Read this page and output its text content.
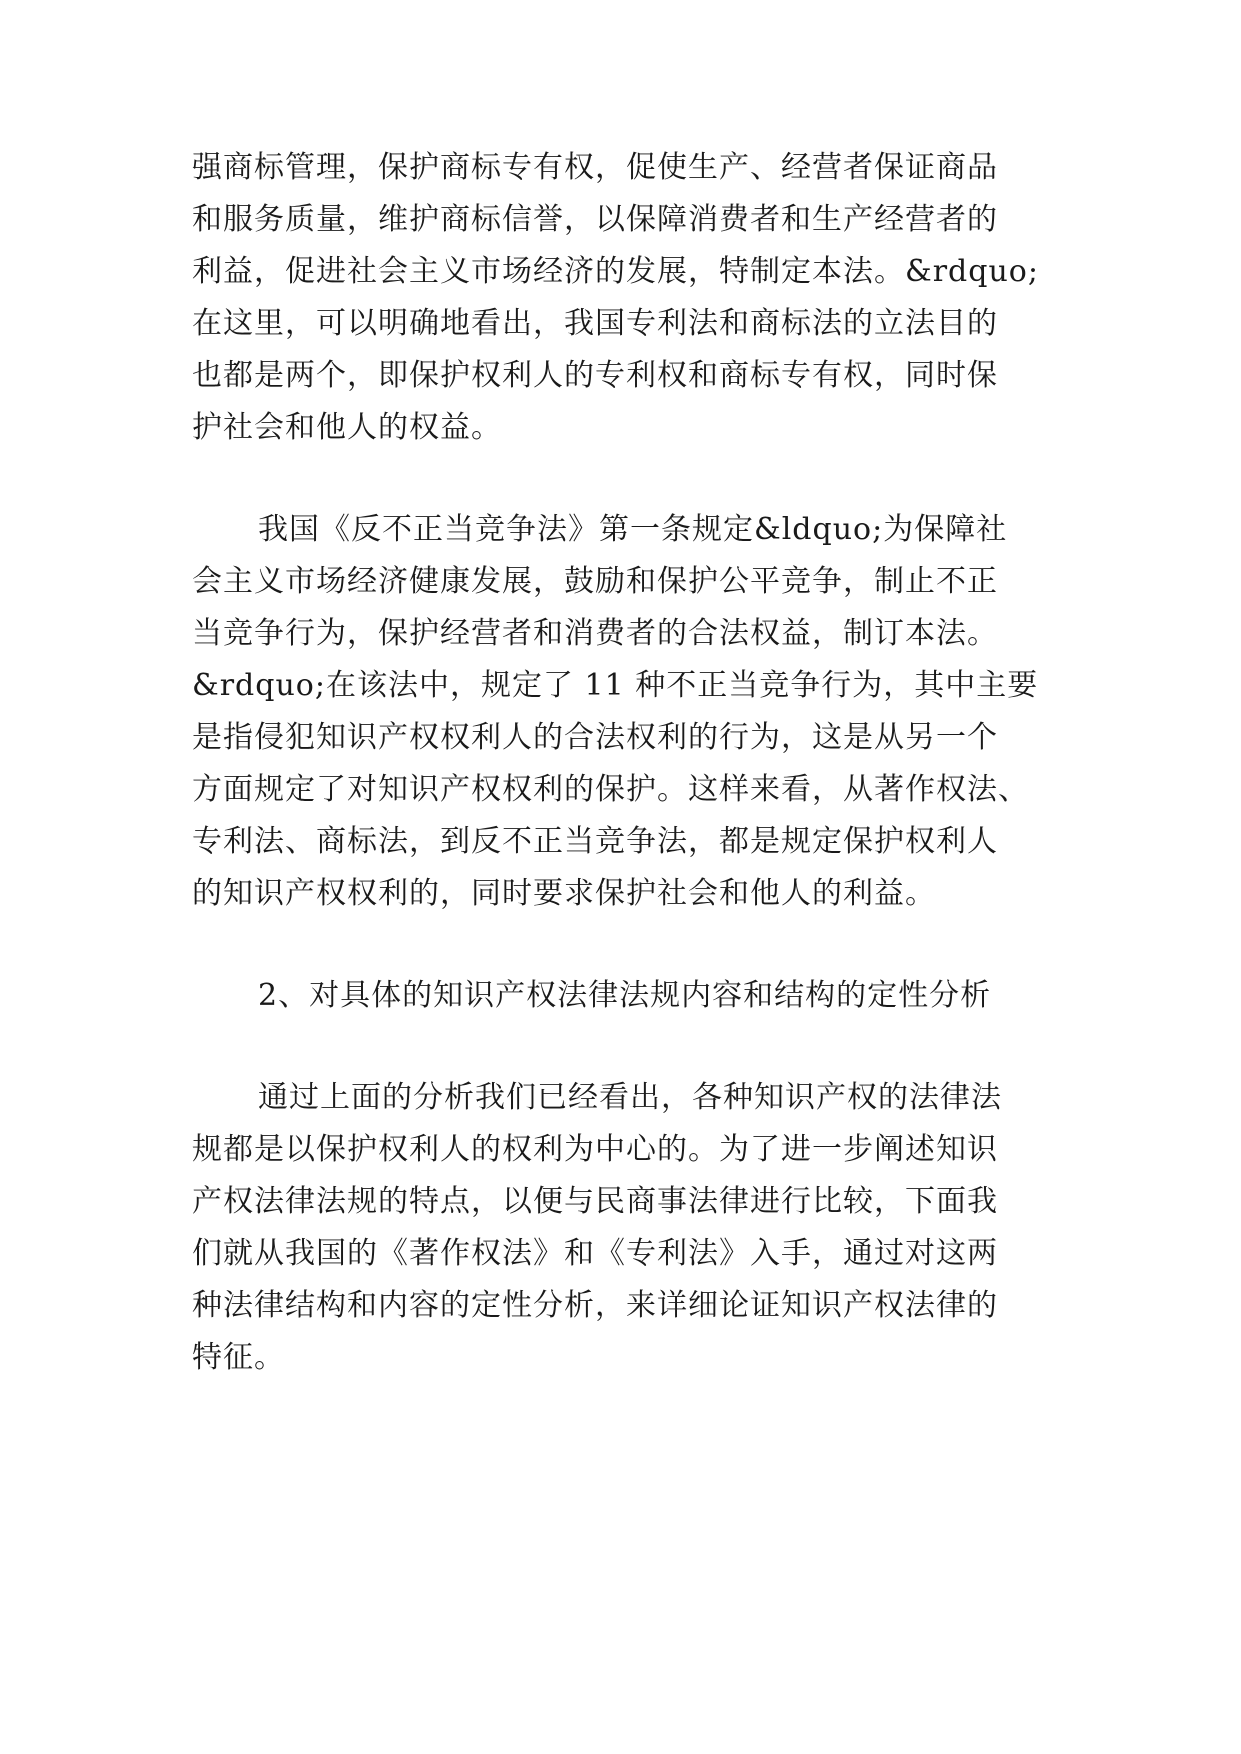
强商标管理，保护商标专有权，促使生产、经营者保证商品
和服务质量，维护商标信誉，以保障消费者和生产经营者的
利益，促进社会主义市场经济的发展，特制定本法。&rdquo;
在这里，可以明确地看出，我国专利法和商标法的立法目的
也都是两个，即保护权利人的专利权和商标专有权，同时保
护社会和他人的权益。
我国《反不正当竞争法》第一条规定&ldquo;为保障社
会主义市场经济健康发展，鼓励和保护公平竞争，制止不正
当竞争行为，保护经营者和消费者的合法权益，制订本法。
&rdquo;在该法中，规定了 11 种不正当竞争行为，其中主要
是指侵犯知识产权权利人的合法权利的行为，这是从另一个
方面规定了对知识产权权利的保护。这样来看，从著作权法、
专利法、商标法，到反不正当竞争法，都是规定保护权利人
的知识产权权利的，同时要求保护社会和他人的利益。
2、对具体的知识产权法律法规内容和结构的定性分析
通过上面的分析我们已经看出，各种知识产权的法律法
规都是以保护权利人的权利为中心的。为了进一步阐述知识
产权法律法规的特点，以便与民商事法律进行比较，下面我
们就从我国的《著作权法》和《专利法》入手，通过对这两
种法律结构和内容的定性分析，来详细论证知识产权法律的
特征。
